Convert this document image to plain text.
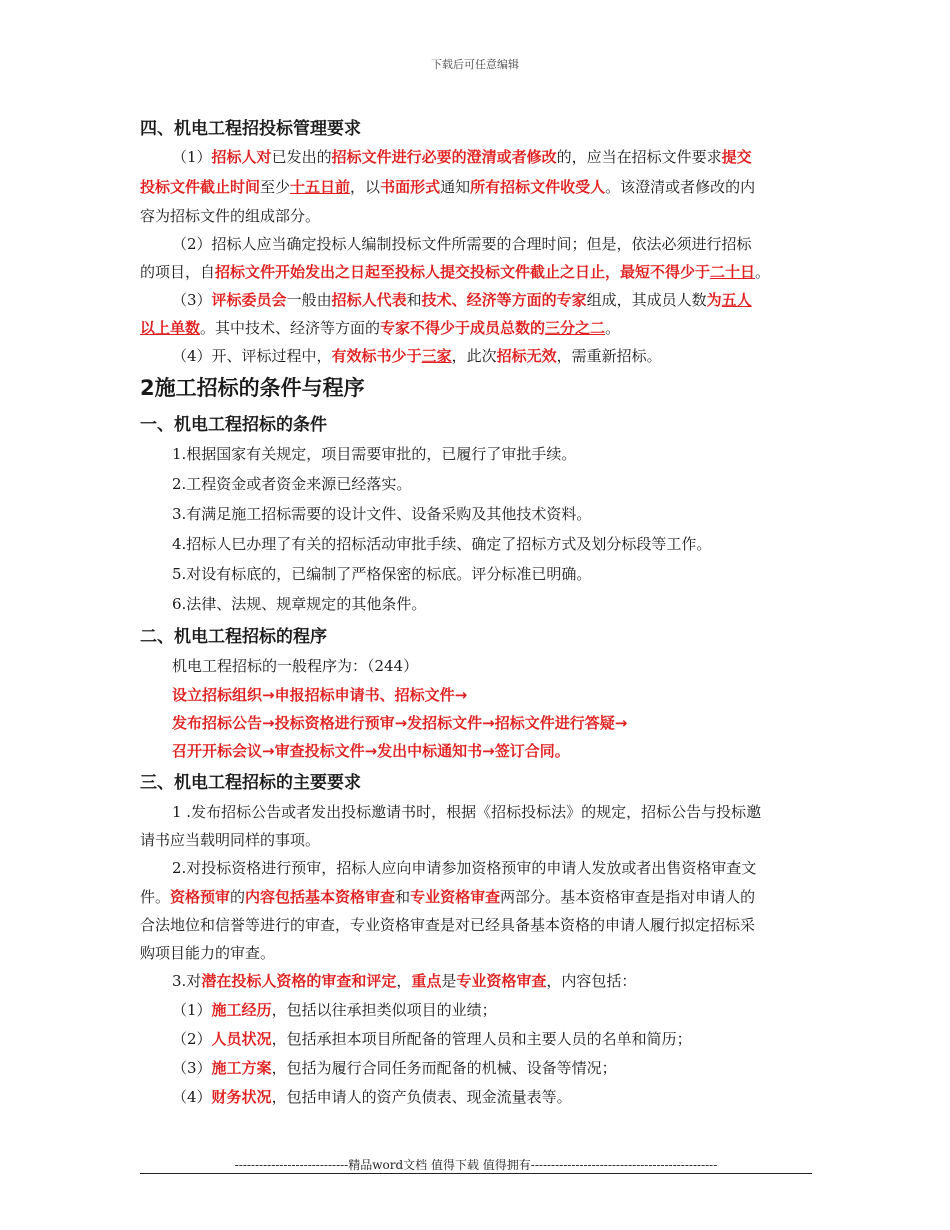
下载后可任意编辑
四、机电工程招投标管理要求
（1）招标人对已发出的招标文件进行必要的澄清或者修改的，应当在招标文件要求提交
投标文件截止时间至少十五日前，以书面形式通知所有招标文件收受人。该澄清或者修改的内
容为招标文件的组成部分。
（2）招标人应当确定投标人编制投标文件所需要的合理时间；但是，依法必须进行招标
的项目，自招标文件开始发出之日起至投标人提交投标文件截止之日止，最短不得少于二十日。
（3）评标委员会一般由招标人代表和技术、经济等方面的专家组成，其成员人数为五人
以上单数。其中技术、经济等方面的专家不得少于成员总数的三分之二。
（4）开、评标过程中，有效标书少于三家，此次招标无效，需重新招标。
2施工招标的条件与程序
一、机电工程招标的条件
1.根据国家有关规定，项目需要审批的，已履行了审批手续。
2.工程资金或者资金来源已经落实。
3.有满足施工招标需要的设计文件、设备采购及其他技术资料。
4.招标人巳办理了有关的招标活动审批手续、确定了招标方式及划分标段等工作。
5.对设有标底的，已编制了严格保密的标底。评分标准已明确。
6.法律、法规、规章规定的其他条件。
二、机电工程招标的程序
机电工程招标的一般程序为：（244）
设立招标组织→申报招标申请书、招标文件→
发布招标公告→投标资格进行预审→发招标文件→招标文件进行答疑→
召开开标会议→审查投标文件→发出中标通知书→签订合同。
三、机电工程招标的主要要求
1 .发布招标公告或者发出投标邀请书时，根据《招标投标法》的规定，招标公告与投标邀
请书应当载明同样的事项。
2.对投标资格进行预审，招标人应向申请参加资格预审的申请人发放或者出售资格审查文
件。资格预审的内容包括基本资格审查和专业资格审查两部分。基本资格审查是指对申请人的
合法地位和信誉等进行的审查，专业资格审查是对已经具备基本资格的申请人履行拟定招标采
购项目能力的审查。
3.对潜在投标人资格的审查和评定，重点是专业资格审查，内容包括：
（1）施工经历，包括以往承担类似项目的业绩；
（2）人员状况，包括承担本项目所配备的管理人员和主要人员的名单和简历；
（3）施工方案，包括为履行合同任务而配备的机械、设备等情况；
（4）财务状况，包括申请人的资产负债表、现金流量表等。
----------------------------精品word文档 值得下载 值得拥有----------------------------------------------
